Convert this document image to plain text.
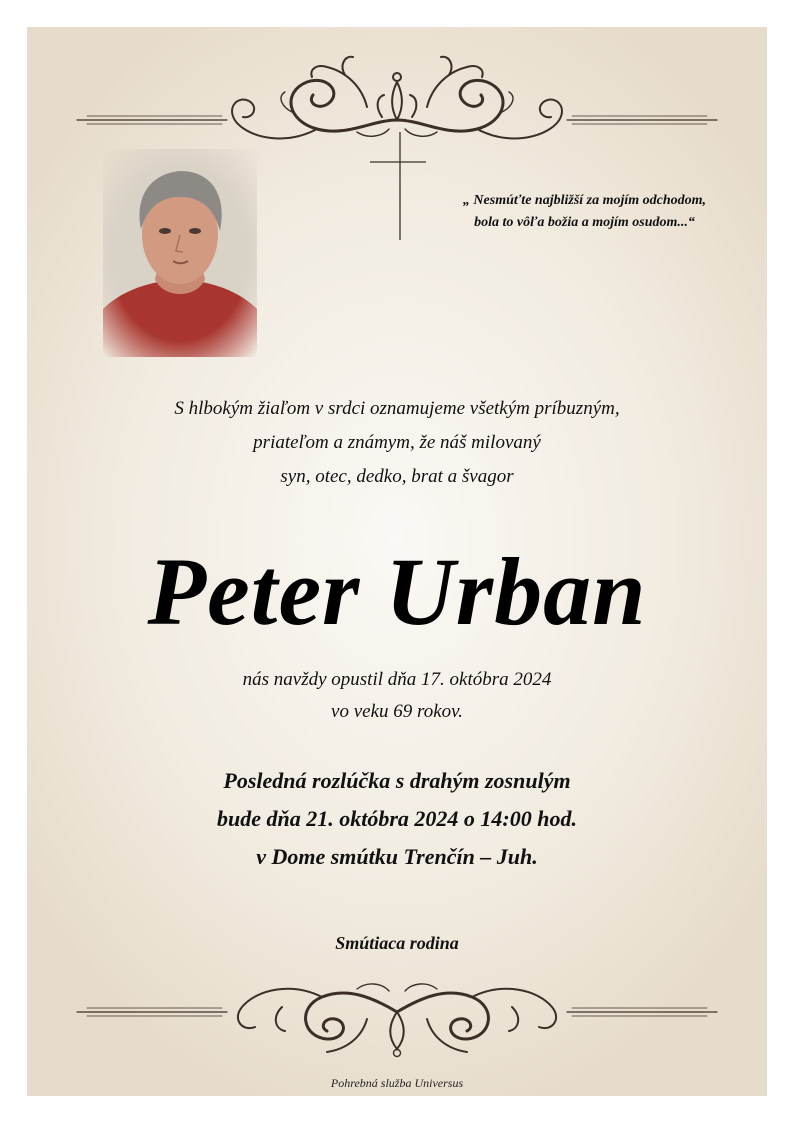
„ Nesmúťte najbližší za mojím odchodom,
bola to vôľa božia a mojím osudom...“
S hlbokým žiaľom v srdci oznamujeme všetkým príbuzným,
priateľom a známym, že náš milovaný
syn, otec, dedko, brat a švagor
Peter Urban
nás navždy opustil dňa 17. októbra 2024
vo veku 69 rokov.
Posledná rozlúčka s drahým zosnulým
bude dňa 21. októbra 2024 o 14:00 hod.
v Dome smútku Trenčín – Juh.
Smútiaca rodina
Pohrebná služba Universus
